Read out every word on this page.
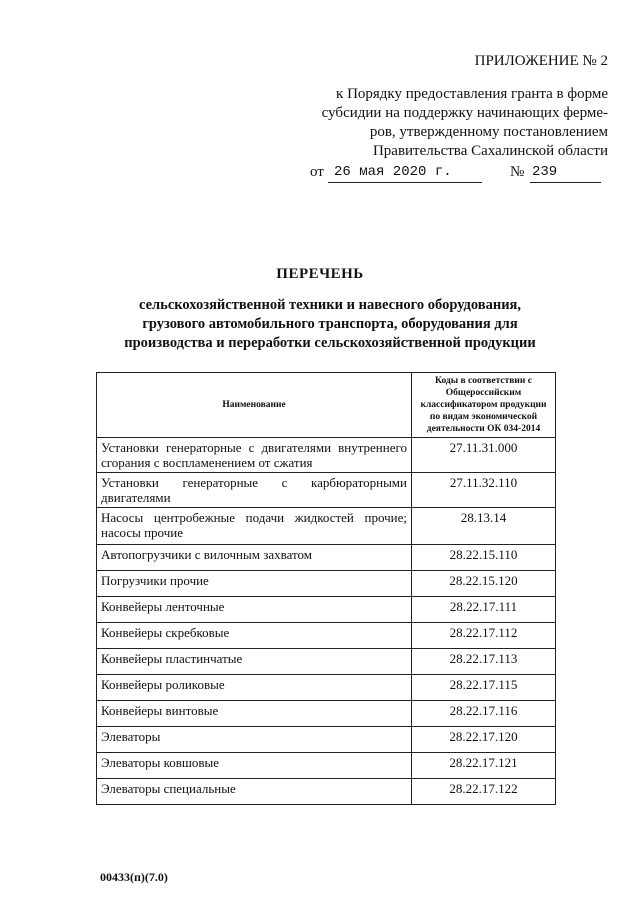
ПРИЛОЖЕНИЕ № 2
к Порядку предоставления гранта в форме
субсидии на поддержку начинающих ферме-
ров, утвержденному постановлением
Правительства Сахалинской области
от 26 мая 2020 г.	№ 239
ПЕРЕЧЕНЬ
сельскохозяйственной техники и навесного оборудования,
грузового автомобильного транспорта, оборудования для
производства и переработки сельскохозяйственной продукции
Наименование	Коды в соответствии с Общероссийским классификатором продукции по видам экономической деятельности ОК 034-2014
Установки генераторные с двигателями внутреннего сгорания с воспламенением от сжатия	27.11.31.000
Установки генераторные с карбюраторными двигателями	27.11.32.110
Насосы центробежные подачи жидкостей прочие; насосы прочие	28.13.14
Автопогрузчики с вилочным захватом	28.22.15.110
Погрузчики прочие	28.22.15.120
Конвейеры ленточные	28.22.17.111
Конвейеры скребковые	28.22.17.112
Конвейеры пластинчатые	28.22.17.113
Конвейеры роликовые	28.22.17.115
Конвейеры винтовые	28.22.17.116
Элеваторы	28.22.17.120
Элеваторы ковшовые	28.22.17.121
Элеваторы специальные	28.22.17.122
00433(п)(7.0)
